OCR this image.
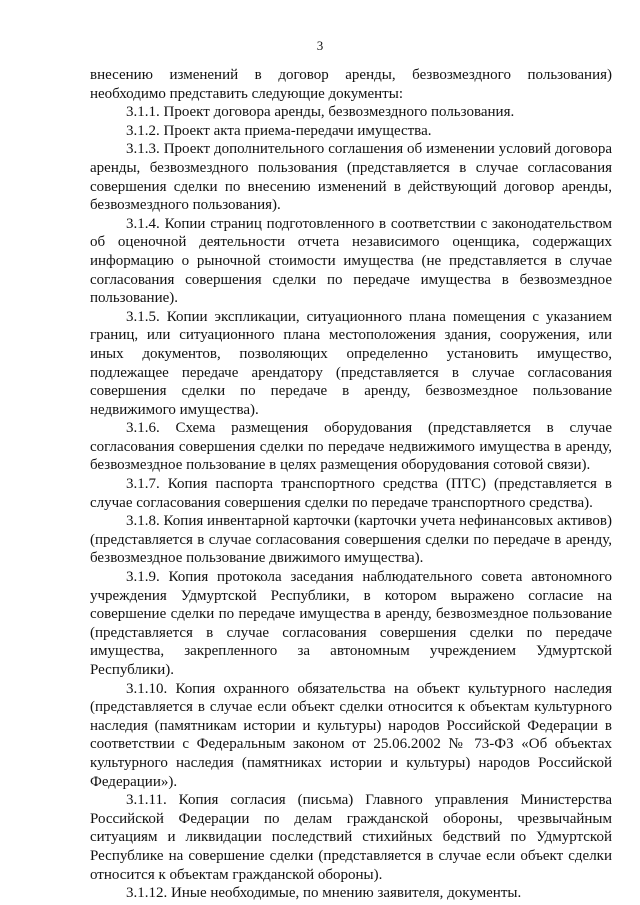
3

внесению изменений в договор аренды, безвозмездного пользования) необходимо представить следующие документы:

3.1.1. Проект договора аренды, безвозмездного пользования.

3.1.2. Проект акта приема-передачи имущества.

3.1.3. Проект дополнительного соглашения об изменении условий договора аренды, безвозмездного пользования (представляется в случае согласования совершения сделки по внесению изменений в действующий договор аренды, безвозмездного пользования).

3.1.4. Копии страниц подготовленного в соответствии с законодательством об оценочной деятельности отчета независимого оценщика, содержащих информацию о рыночной стоимости имущества (не представляется в случае согласования совершения сделки по передаче имущества в безвозмездное пользование).

3.1.5. Копии экспликации, ситуационного плана помещения с указанием границ, или ситуационного плана местоположения здания, сооружения, или иных документов, позволяющих определенно установить имущество, подлежащее передаче арендатору (представляется в случае согласования совершения сделки по передаче в аренду, безвозмездное пользование недвижимого имущества).

3.1.6. Схема размещения оборудования (представляется в случае согласования совершения сделки по передаче недвижимого имущества в аренду, безвозмездное пользование в целях размещения оборудования сотовой связи).

3.1.7. Копия паспорта транспортного средства (ПТС) (представляется в случае согласования совершения сделки по передаче транспортного средства).

3.1.8. Копия инвентарной карточки (карточки учета нефинансовых активов) (представляется в случае согласования совершения сделки по передаче в аренду, безвозмездное пользование движимого имущества).

3.1.9. Копия протокола заседания наблюдательного совета автономного учреждения Удмуртской Республики, в котором выражено согласие на совершение сделки по передаче имущества в аренду, безвозмездное пользование (представляется в случае согласования совершения сделки по передаче имущества, закрепленного за автономным учреждением Удмуртской Республики).

3.1.10. Копия охранного обязательства на объект культурного наследия (представляется в случае если объект сделки относится к объектам культурного наследия (памятникам истории и культуры) народов Российской Федерации в соответствии с Федеральным законом от 25.06.2002 № 73-ФЗ «Об объектах культурного наследия (памятниках истории и культуры) народов Российской Федерации»).

3.1.11. Копия согласия (письма) Главного управления Министерства Российской Федерации по делам гражданской обороны, чрезвычайным ситуациям и ликвидации последствий стихийных бедствий по Удмуртской Республике на совершение сделки (представляется в случае если объект сделки относится к объектам гражданской обороны).

3.1.12. Иные необходимые, по мнению заявителя, документы.
